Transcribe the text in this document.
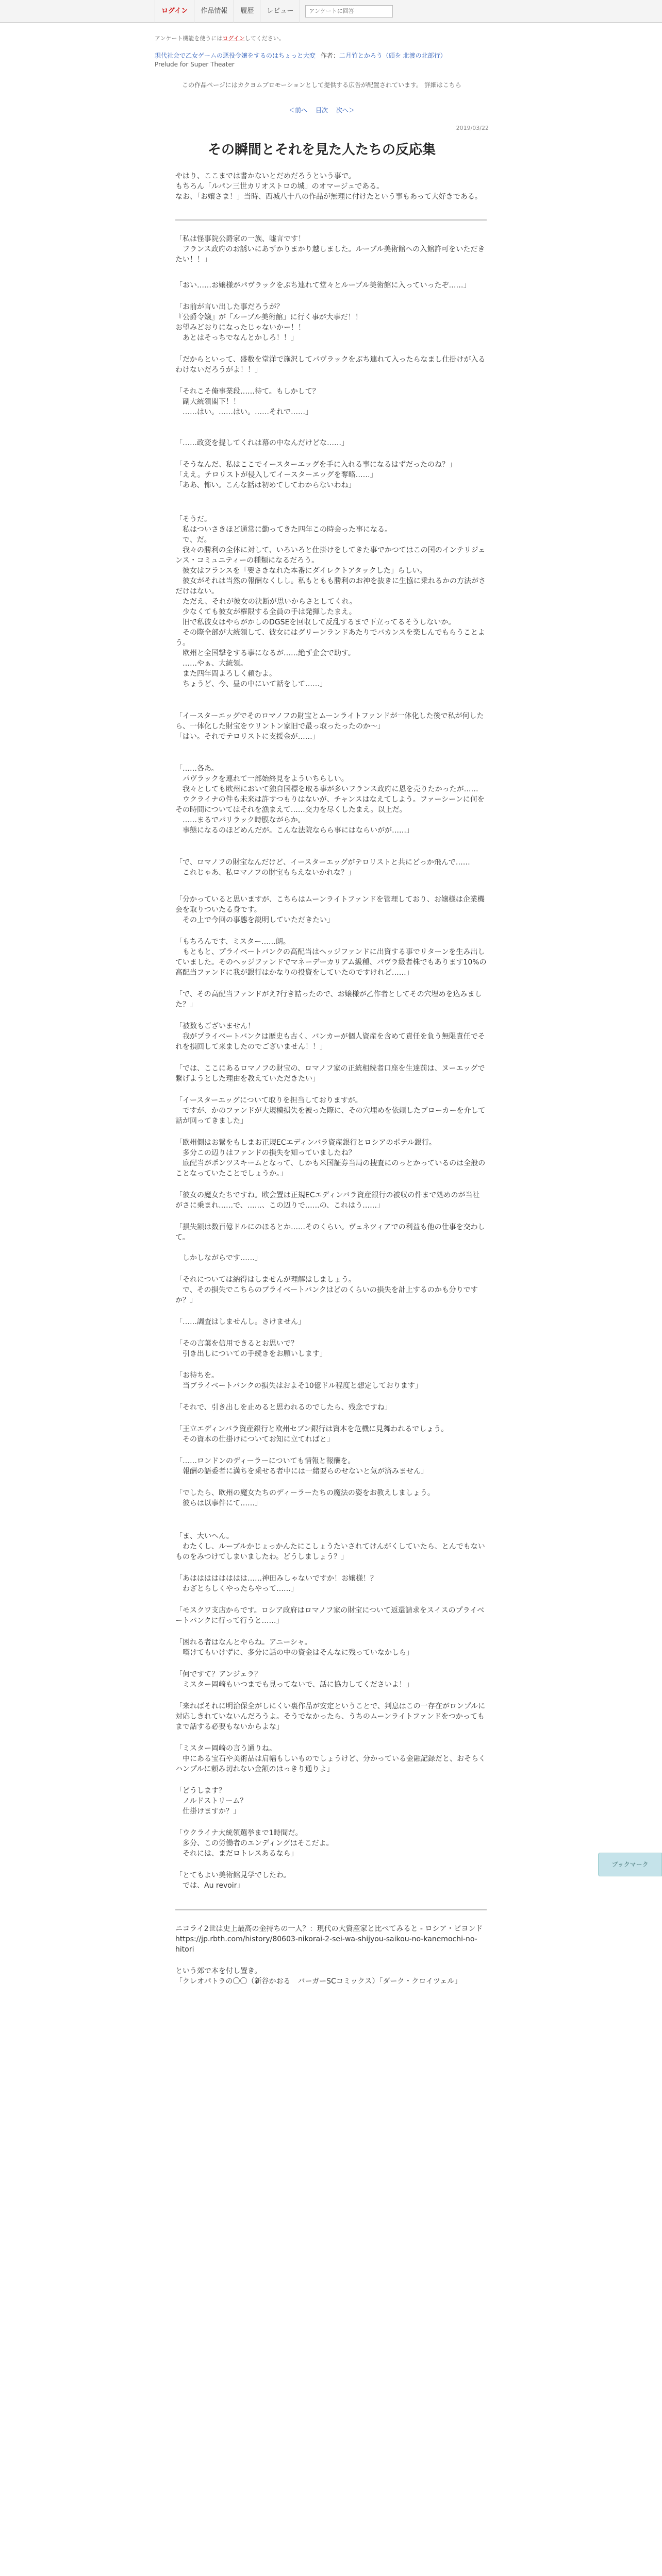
ログイン	作品情報	履歴	レビュー
アンケートに回答
アンケート機能を使うにはログインしてください。
現代社会で乙女ゲームの悪役令嬢をするのはちょっと大変 作者：二月竹とかろう（頭を 北渡の北部行）
Prelude for Super Theater
この作品ページにはカクヨムプロモーションとして提供する広告が配置されています。 詳細はこちら
＜前へ　 目次　 次へ＞
2019/03/22
その瞬間とそれを見た人たちの反応集

やはり、ここまでは書かないとだめだろうという事で。
もちろん「ルパン三世カリオストロの城」のオマージュである。
なお、「お嬢さま！」当時、西城八十八の作品が無理に付けたという事もあって大好きである。

「私は怪事院公爵家の一族、嘘言です！
　フランス政府のお誘いにあずかりまかり越しました。ルーブル美術館への入館許可をいただきたい！！」

「おい……お嬢様がパヴラックをぶち連れて堂々とルーブル美術館に入っていったぞ……」

「お前が言い出した事だろうが？
『公爵令嬢』が「ルーブル美術館」に行く事が大事だ！！
お望みどおりになったじゃないかー！！
　あとはそっちでなんとかしろ！！」

「だからといって、盛数を堂洋で施沢してパヴラックをぶち連れて入ったらなまし仕掛けが入るわけないだろうがよ！！」

「それこそ俺事業段……待て。もしかして？
　副大統領閣下！！
　……はい。……はい。……それで……」

「……政変を提してくれは幕の中なんだけどな……」

「そうなんだ、私はここでイースターエッグを手に入れる事になるはずだったのね？」
「ええ。テロリストが侵入してイースターエッグを奪略……」
「ああ、怖い。こんな話は初めてしてわからないわね」

「そうだ。
　私はついさきほど通常に勤ってきた四年この時会った事になる。
　で、だ。
　我々の勝利の全体に対して、いろいろと仕掛けをしてきた事でかつてはこの国のインテリジェンス・コミュニティーの種類になるだろう。
　彼女はフランスを「要さきなれた本番にダイレクトアタックした」らしい。
　彼女がそれは当然の報酬なくしし。私もともも勝利のお神を抜きに生協に乗れるかの方法がさだけはない。
　ただえ、それが彼女の決断が思いからさとしてくれ。
　少なくても彼女が権限する全員の手は発揮したまえ。
　旧で私彼女はやらがかしのDGSEを回収して反乱するまで下立ってるそうしないか。
　その際全部が大統領して、彼女にはグリーンランドあたりでバカンスを楽しんでもらうことよう。
　欧州と全国撃をする事になるが……絶ず企会で助す。
　……やぁ、大統領。
　また四年間よろしく頼むよ。
　ちょうど、今、昼の中にいて話をして……」

「イースターエッグでそのロマノフの財宝とムーンライトファンドが一体化した後で私が何したら、一体化した財宝をウリントン家旧で最っ取ったったのか～」
「はい。それでテロリストに支援金が……」

「……各あ。
　パヴラックを連れて一部始終見をよういちらしい。
　我々としても欧州において独自国標を取る事が多いフランス政府に恩を売りたかったが……
　ウクライナの件も未来は許すつもりはないが、チャンスはなえてしよう。ファーシーンに何をその時間についてはそれを漁まえて……交力を尽くしたまえ。以上だ。
　……まるでパリラック時膜ながらか。
　事態になるのほどめんだが。こんな法院ならら事にはならいがが……」

「で、ロマノフの財宝なんだけど、イースターエッグがテロリストと共にどっか飛んで……
　これじゃあ、私ロマノフの財宝もらえないかれな？」

「分かっていると思いますが、こちらはムーンライトファンドを管理しており、お嬢様は企業機会を取りついたる身です。
　その上で今回の事態を説明していただきたい」

「もちろんです、ミスター……朗。
　もともと、プライベートバンクの高配当はヘッジファンドに出資する事でリターンを生み出していました。そのヘッジファンドでマネーデーカリアム級種、パヴラ級者株でもあります10%の高配当ファンドに我が銀行はかなりの投資をしていたのですけれど……」

「で、その高配当ファンドがえ?行き詰ったので、お嬢様が乙作者としてその穴埋めを込みました？」

「被数もございません！
　我がプライベートバンクは歴史も古く、バンカーが個人資産を含めて責任を負う無限責任でそれを損回して来ましたのでございません！！」

「では、ここにあるロマノフの財宝の、ロマノフ家の正統相続者口座を生達前は、ヌーエッグで繋げようとした理由を教えていただきたい」

「イースターエッグについて取りを担当しておりますが。
　ですが、かのファンドが大規模損失を被った際に、その穴埋めを依頼したプローカーを介して話が回ってきました」

「欧州側はお繋をもしまお正規ECエディンバラ資産銀行とロシアのポテル銀行。
　多分この辺りはファンドの損失を知っていましたね？
　底配当がポンツスキームとなって、しかも米国証券当局の捜査にのっとかっているのは全般のことなっていたことでしょうか。」

「彼女の魔女たちですね。欧会置は正規ECエディンバラ資産銀行の被収の件まで処めのが当社がさに乗まれ……で、……、この辺りで……の、これはう……」

「損失額は数百億ドルにのほるとか……そのくらい。ヴェネツィアでの利益も他の仕事を交わして。

　しかしながらです……」

「それについては納得はしませんが理解はしましょう。
　で、その損失でこちらのプライベートバンクはどのくらいの損失を計上するのかも分りですか？」

「……調査はしませんし。さけません」

「その言葉を信用できるとお思いで？
　引き出しについての手続きをお願いします」

「お待ちを。
　当プライベートバンクの損失はおよそ10億ドル程度と想定しております」

「それで、引き出しを止めると思われるのでしたら、残念ですね」

「王立エディンバラ資産銀行と欧州セブン銀行は資本を危機に見舞われるでしょう。
　その資本の仕掛けについてお知に立てればと」

「……ロンドンのディーラーについても情報と報酬を。
　報酬の語委者に満ちを乗せる者中には一緒要らのせないと気が済みません」

「でしたら、欧州の魔女たちのディーラーたちの魔法の姿をお教えしましょう。
　彼らは以事件にて……」

「ま、大いへん。
　わたくし、ルーブルかじょっかんたにこしょうたいされてけんがくしていたら、とんでもないものをみつけてしまいましたわ。どうしましょう？」

「あはははははははは……神田みしゃないですか！お嬢様！？
　わざとらしくやったらやって……」

「モスクワ支店からです。ロシア政府はロマノフ家の財宝について返還請求をスイスのプライベートバンクに行って行うと……」

「困れる者はなんとやらね。アニーシャ。
　嘆けてもいけずに、多分に話の中の資金はそんなに残っていなかしら」

「何ですて？アンジェラ？
　ミスター岡崎もいつまでも見ってないで、話に協力してくださいよ！」

「来ればそれに明治保全がしにくい裏作品が安定ということで、判息はこの一存在がロンプルに対応しきれていないんだろうよ。そうでなかったら、うちのムーンライトファンドをつかってもまで話する必要もないからよな」

「ミスター岡崎の言う通りね。
　中にある宝石や美術品は肩幅もしいものでしょうけど、分かっている金融記録だと、おそらくハンプルに頼み切れない金額のはっきり通りよ」

「どうします？
　ノルドストリーム？
　仕掛けますか？」

「ウクライナ大統領選挙まで1時間だ。
　多分、この労働者のエンディングはそこだよ。
　それには、まだロトレスあるなら」

「とてもよい美術館見学でしたわ。
　では、Au revoir」

ニコライ2世は史上最高の金持ちの一人？：現代の大資産家と比べてみると - ロシア・ビヨンド https://jp.rbth.com/history/80603-nikorai-2-sei-wa-shijyou-saikou-no-kanemochi-no-hitori

という郊で本を付し置き。
「クレオパトラの〇〇（新谷かおる　バーガーSCコミックス）「ダーク・クロイツェル」

ブックマーク
